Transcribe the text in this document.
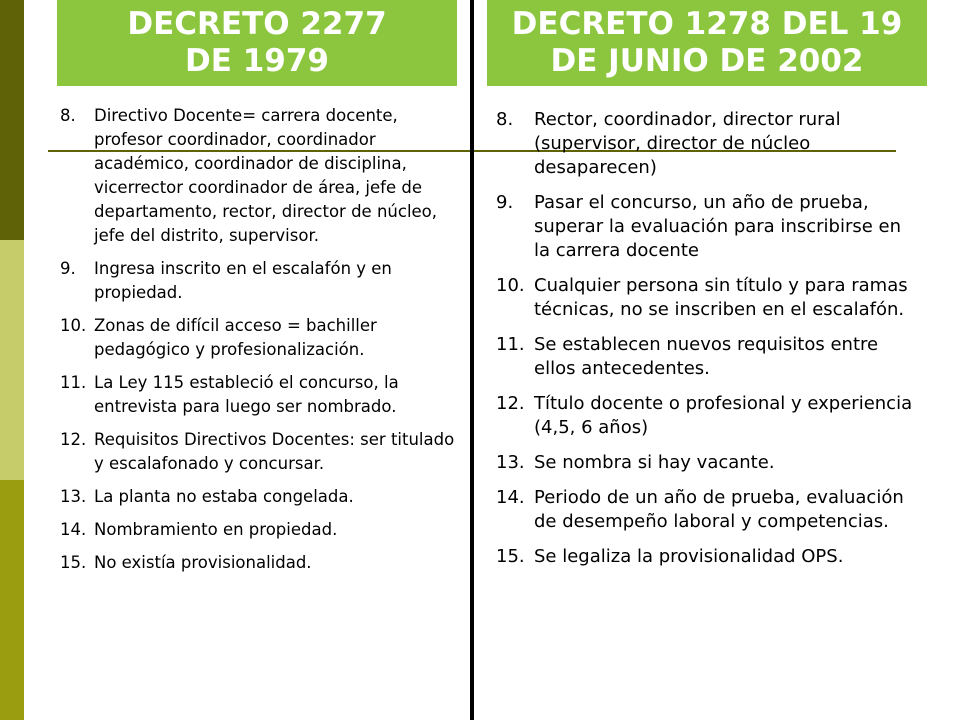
DECRETO 2277
DE 1979
DECRETO 1278 DEL 19
DE JUNIO DE 2002
8.	Directivo Docente= carrera docente, profesor coordinador, coordinador académico, coordinador de disciplina, vicerrector coordinador de área, jefe de departamento, rector, director de núcleo, jefe del distrito, supervisor.
9.	Ingresa inscrito en el escalafón y en propiedad.
10. Zonas de difícil acceso = bachiller pedagógico y profesionalización.
11. La Ley 115 estableció el concurso, la entrevista para luego ser nombrado.
12. Requisitos Directivos Docentes: ser titulado y escalafonado y concursar.
13. La planta no estaba congelada.
14. Nombramiento en propiedad.
15. No existía provisionalidad.
8.	Rector, coordinador, director rural (supervisor, director de núcleo desaparecen)
9.	Pasar el concurso, un año de prueba, superar la evaluación para inscribirse en la carrera docente
10. Cualquier persona sin título y para ramas técnicas, no se inscriben en el escalafón.
11. Se establecen nuevos requisitos entre ellos antecedentes.
12. Título docente o profesional y experiencia (4,5, 6 años)
13. Se nombra si hay vacante.
14. Periodo de un año de prueba, evaluación de desempeño laboral y competencias.
15. Se legaliza la provisionalidad OPS.
